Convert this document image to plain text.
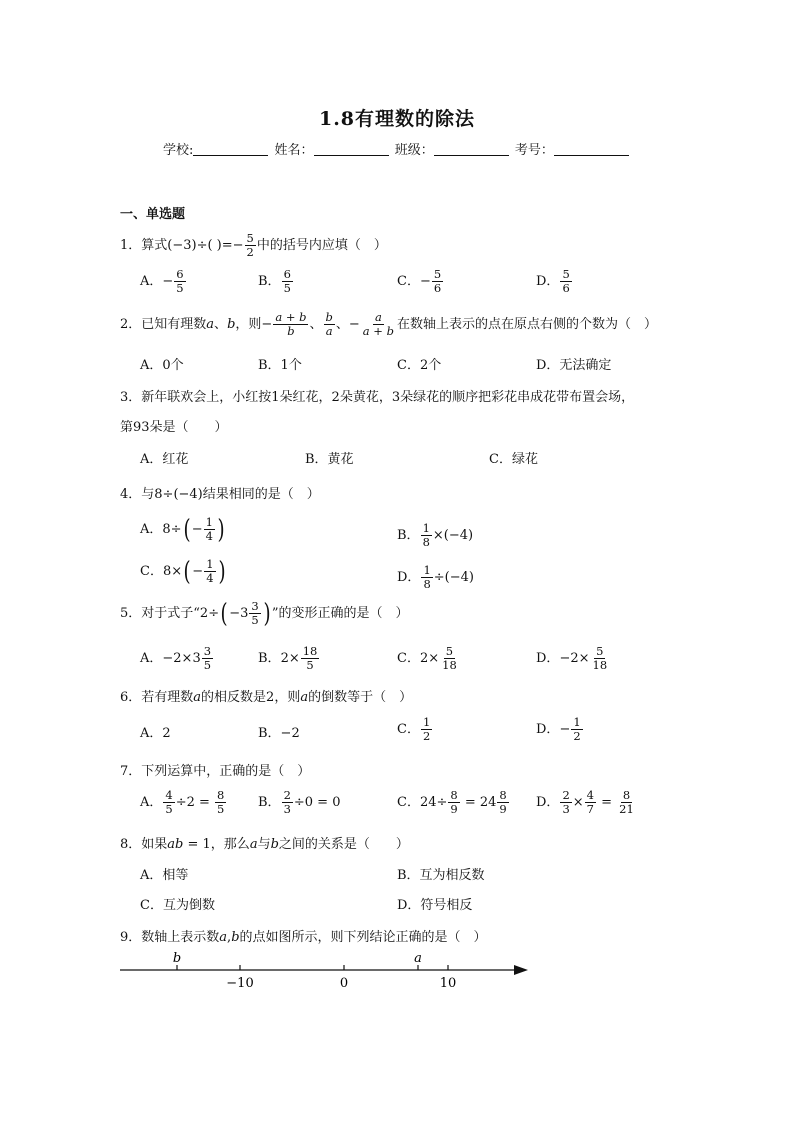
1.8有理数的除法
学校:	姓名：	班级：	考号：
一、单选题
1．算式(−3)÷( )=− $\frac{5}{2}$ 中的括号内应填（　）
A．− $\frac{6}{5}$	B． $\frac{6}{5}$	C．− $\frac{5}{6}$	D． $\frac{5}{6}$
2．已知有理数a、b，则− $\frac{a + b}{b}$ 、 $\frac{b}{a}$ 、− $\frac{a}{a + b}$ 在数轴上表示的点在原点右侧的个数为（　）
A．0个	B．1个	C．2个	D．无法确定
3．新年联欢会上，小红按1朵红花，2朵黄花，3朵绿花的顺序把彩花串成花带布置会场，
第93朵是（　　）
A．红花	B．黄花	C．绿花
4．与8÷(−4)结果相同的是（　）
A．$8\div( - \frac{1}{4}$ )	B． $\frac{1}{8} \times(-4)$
C．$8\times( - \frac{1}{4}$ )	D． $\frac{1}{8} \div(-4)$
5．对于式子“$2\div( -3 \frac{3}{5}$ ) ”的变形正确的是（　）
A．$-2\times 3 \frac{3}{5}$	B．$2\times \frac{18}{5}$	C．$2\times \frac{5}{18}$	D．$-2\times \frac{5}{18}$
6．若有理数a的相反数是2，则a的倒数等于（　）
A．2	B．−2	C． $\frac{1}{2}$	D．− $\frac{1}{2}$
7．下列运算中，正确的是（　）
A． $\frac{4}{5} \div 2 = \frac{8}{5}$ B． $\frac{2}{3} \div 0 = 0$	C．$24\div \frac{8}{9} = 24 \frac{8}{9}$ D． $\frac{2}{3} \times \frac{4}{7} = \frac{8}{21}$
8．如果ab = 1，那么a与b之间的关系是（　　）
A．相等	B．互为相反数
C．互为倒数	D．符号相反
9．数轴上表示数a,b的点如图所示，则下列结论正确的是（　）
b	a
−10	0	10
